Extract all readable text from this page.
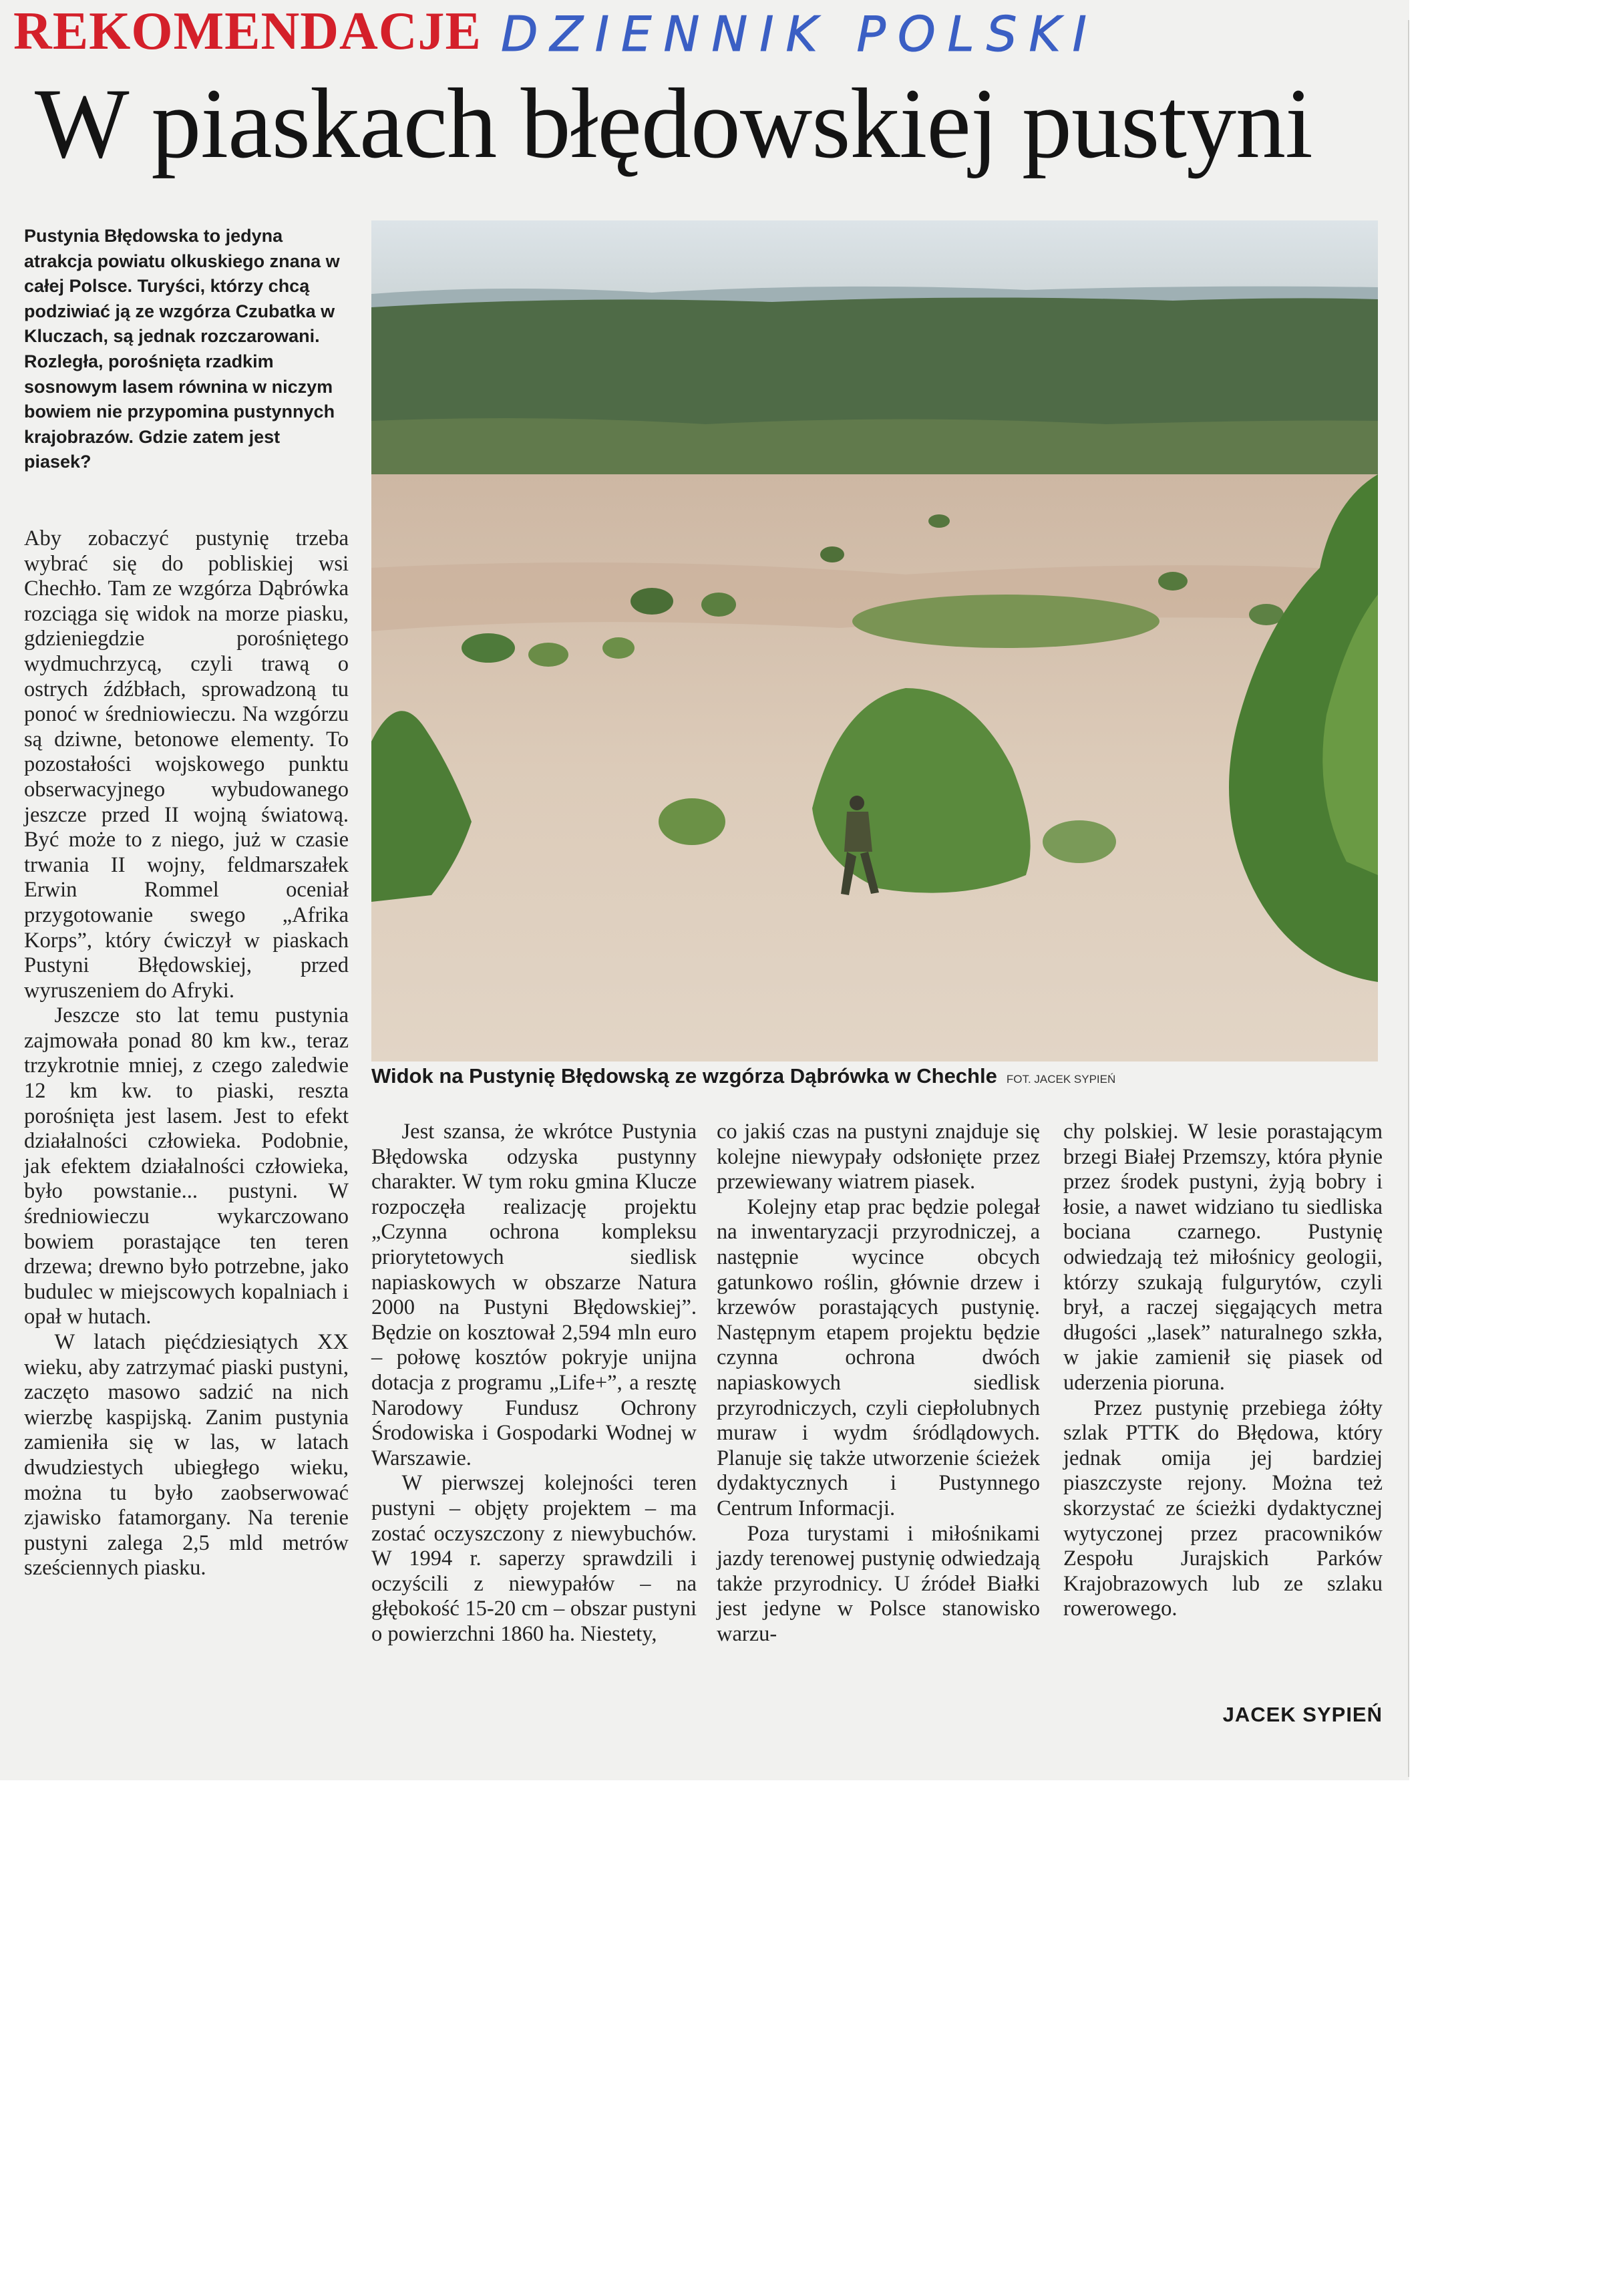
REKOMENDACJE DZIENNIK POLSKI
W piaskach błędowskiej pustyni
Pustynia Błędowska to jedyna atrakcja powiatu olkuskiego znana w całej Polsce. Turyści, którzy chcą podziwiać ją ze wzgórza Czubatka w Kluczach, są jednak rozczarowani. Rozległa, porośnięta rzadkim sosnowym lasem równina w niczym bowiem nie przypomina pustynnych krajobrazów. Gdzie zatem jest piasek?
Widok na Pustynię Błędowską ze wzgórza Dąbrówka w Chechle FOT. JACEK SYPIEŃ

Aby zobaczyć pustynię trzeba wybrać się do pobliskiej wsi Chechło. Tam ze wzgórza Dąbrówka rozciąga się widok na morze piasku, gdzieniegdzie porośniętego wydmuchrzycą, czyli trawą o ostrych źdźbłach, sprowadzoną tu ponoć w średniowieczu. Na wzgórzu są dziwne, betonowe elementy. To pozostałości wojskowego punktu obserwacyjnego wybudowanego jeszcze przed II wojną światową. Być może to z niego, już w czasie trwania II wojny, feldmarszałek Erwin Rommel oceniał przygotowanie swego „Afrika Korps”, który ćwiczył w piaskach Pustyni Błędowskiej, przed wyruszeniem do Afryki.

Jeszcze sto lat temu pustynia zajmowała ponad 80 km kw., teraz trzykrotnie mniej, z czego zaledwie 12 km kw. to piaski, reszta porośnięta jest lasem. Jest to efekt działalności człowieka. Podobnie, jak efektem działalności człowieka, było powstanie... pustyni. W średniowieczu wykarczowano bowiem porastające ten teren drzewa; drewno było potrzebne, jako budulec w miejscowych kopalniach i opał w hutach.

W latach pięćdziesiątych XX wieku, aby zatrzymać piaski pustyni, zaczęto masowo sadzić na nich wierzbę kaspijską. Zanim pustynia zamieniła się w las, w latach dwudziestych ubiegłego wieku, można tu było zaobserwować zjawisko fatamorgany. Na terenie pustyni zalega 2,5 mld metrów sześciennych piasku.

Jest szansa, że wkrótce Pustynia Błędowska odzyska pustynny charakter. W tym roku gmina Klucze rozpoczęła realizację projektu „Czynna ochrona kompleksu priorytetowych siedlisk napiaskowych w obszarze Natura 2000 na Pustyni Błędowskiej”. Będzie on kosztował 2,594 mln euro – połowę kosztów pokryje unijna dotacja z programu „Life+”, a resztę Narodowy Fundusz Ochrony Środowiska i Gospodarki Wodnej w Warszawie.

W pierwszej kolejności teren pustyni – objęty projektem – ma zostać oczyszczony z niewybuchów. W 1994 r. saperzy sprawdzili i oczyścili z niewypałów – na głębokość 15-20 cm – obszar pustyni o powierzchni 1860 ha. Niestety,

co jakiś czas na pustyni znajduje się kolejne niewypały odsłonięte przez przewiewany wiatrem piasek.

Kolejny etap prac będzie polegał na inwentaryzacji przyrodniczej, a następnie wycince obcych gatunkowo roślin, głównie drzew i krzewów porastających pustynię. Następnym etapem projektu będzie czynna ochrona dwóch napiaskowych siedlisk przyrodniczych, czyli ciepłolubnych muraw i wydm śródlądowych. Planuje się także utworzenie ścieżek dydaktycznych i Pustynnego Centrum Informacji.

Poza turystami i miłośnikami jazdy terenowej pustynię odwiedzają także przyrodnicy. U źródeł Białki jest jedyne w Polsce stanowisko warzu-

chy polskiej. W lesie porastającym brzegi Białej Przemszy, która płynie przez środek pustyni, żyją bobry i łosie, a nawet widziano tu siedliska bociana czarnego. Pustynię odwiedzają też miłośnicy geologii, którzy szukają fulgurytów, czyli brył, a raczej sięgających metra długości „lasek” naturalnego szkła, w jakie zamienił się piasek od uderzenia pioruna.

Przez pustynię przebiega żółty szlak PTTK do Błędowa, który jednak omija jej bardziej piaszczyste rejony. Można też skorzystać ze ścieżki dydaktycznej wytyczonej przez pracowników Zespołu Jurajskich Parków Krajobrazowych lub ze szlaku rowerowego.

JACEK SYPIEŃ
